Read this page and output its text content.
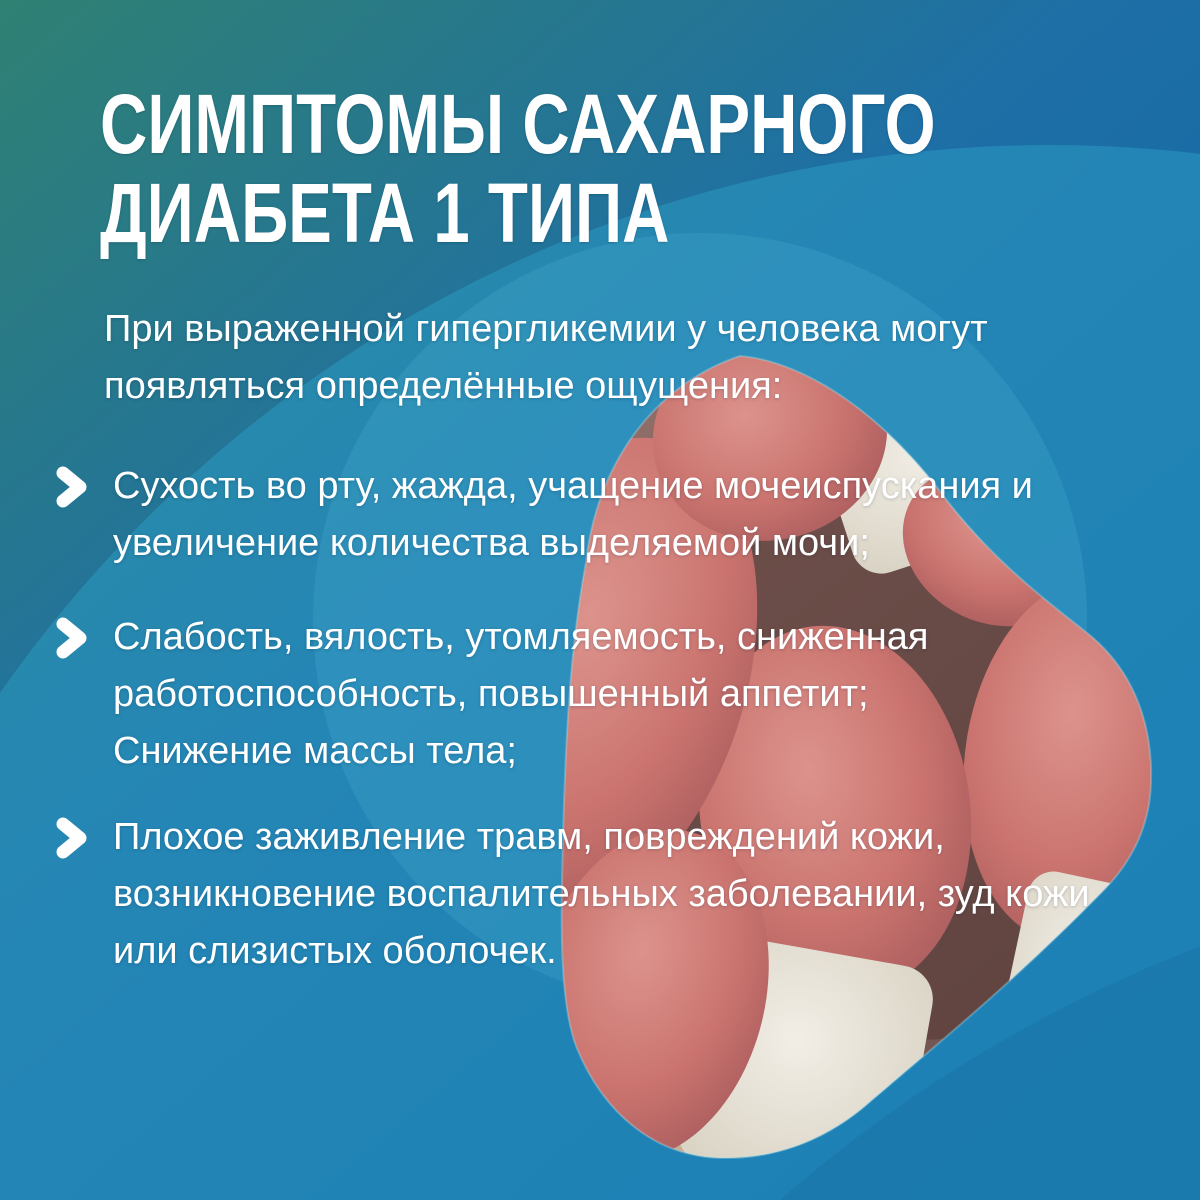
СИМПТОМЫ САХАРНОГО
ДИАБЕТА 1 ТИПА
При выраженной гипергликемии у человека могут
появляться определённые ощущения:
Сухость во рту, жажда, учащение мочеиспускания и
увеличение количества выделяемой мочи;
Слабость, вялость, утомляемость, сниженная
работоспособность, повышенный аппетит;
Снижение массы тела;
Плохое заживление травм, повреждений кожи,
возникновение воспалительных заболевании, зуд кожи
или слизистых оболочек.
